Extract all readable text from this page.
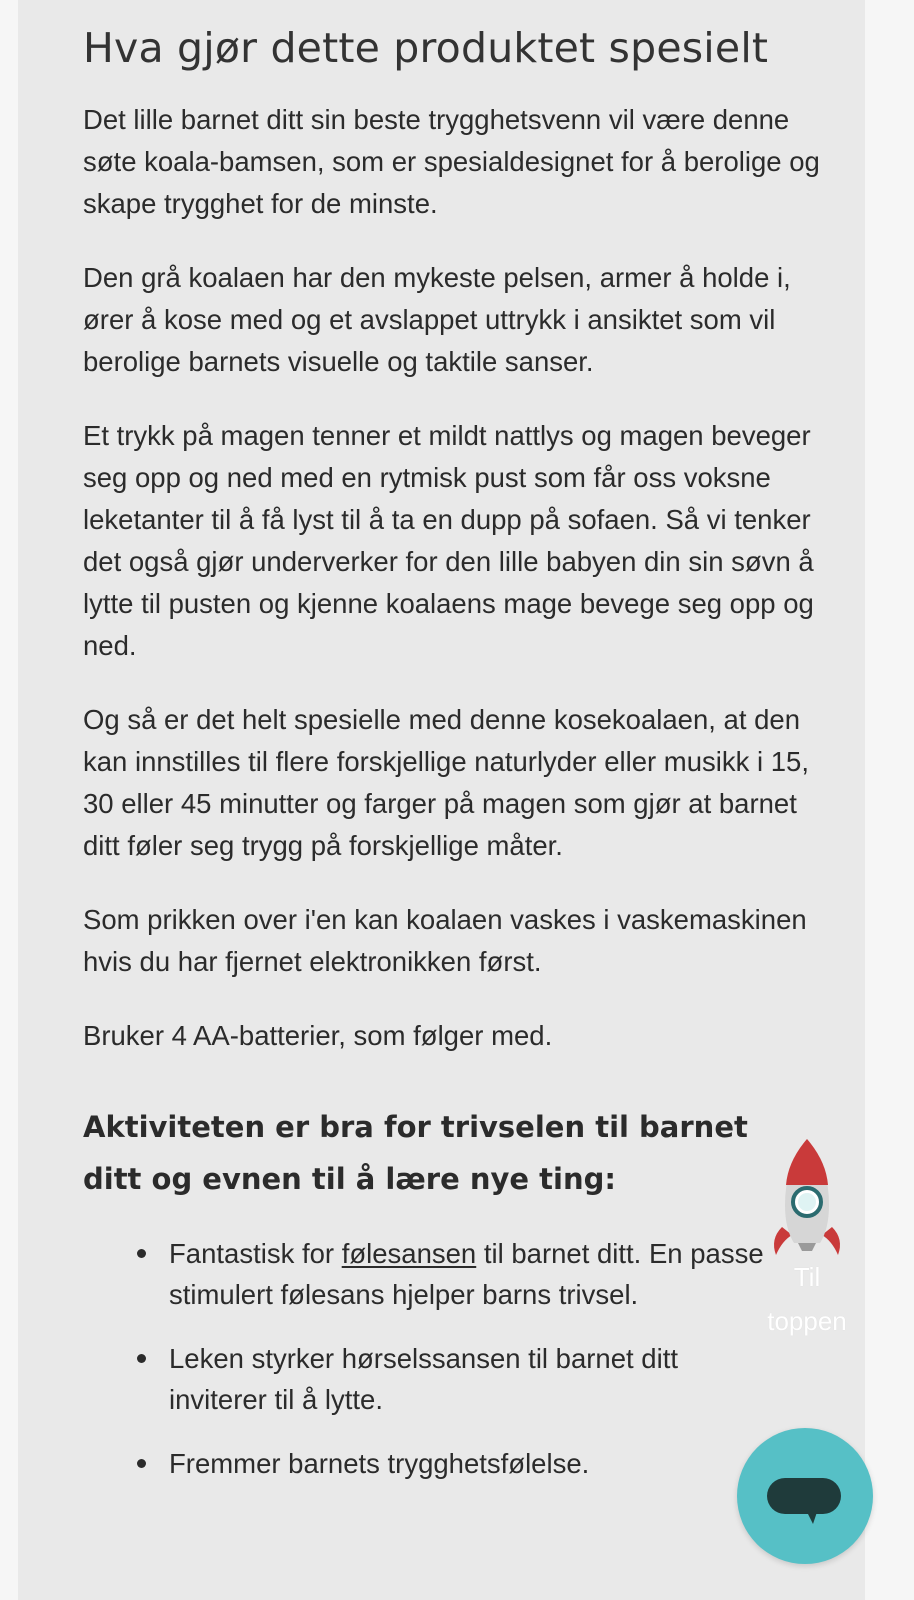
Hva gjør dette produktet spesielt

Det lille barnet ditt sin beste trygghetsvenn vil være denne søte koala-bamsen, som er spesialdesignet for å berolige og skape trygghet for de minste.

Den grå koalaen har den mykeste pelsen, armer å holde i, ører å kose med og et avslappet uttrykk i ansiktet som vil berolige barnets visuelle og taktile sanser.

Et trykk på magen tenner et mildt nattlys og magen beveger seg opp og ned med en rytmisk pust som får oss voksne leketanter til å få lyst til å ta en dupp på sofaen. Så vi tenker det også gjør underverker for den lille babyen din sin søvn å lytte til pusten og kjenne koalaens mage bevege seg opp og ned.

Og så er det helt spesielle med denne kosekoalaen, at den kan innstilles til flere forskjellige naturlyder eller musikk i 15, 30 eller 45 minutter og farger på magen som gjør at barnet ditt føler seg trygg på forskjellige måter.

Som prikken over i'en kan koalaen vaskes i vaskemaskinen hvis du har fjernet elektronikken først.

Bruker 4 AA-batterier, som følger med.

Aktiviteten er bra for trivselen til barnet

ditt og evnen til å lære nye ting:

Fantastisk for følesansen til barnet ditt. En passe stimulert følesans hjelper barns trivsel.
Leken styrker hørselssansen til barnet ditt inviterer til å lytte.
Fremmer barnets trygghetsfølelse.
Til
toppen
